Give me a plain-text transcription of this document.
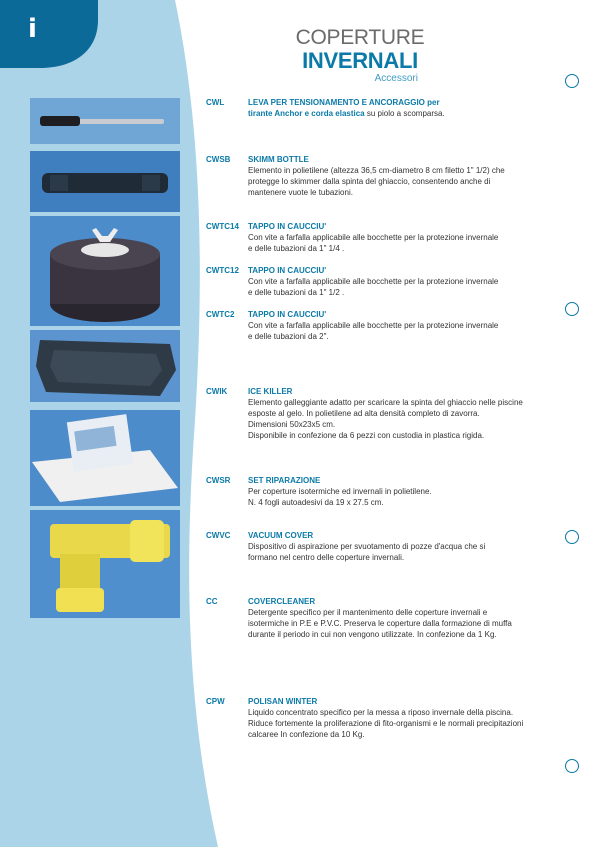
i	COPERTURE
INVERNALI
Accessori
CWL	LEVA PER TENSIONAMENTO E ANCORAGGIO per
tirante Anchor e corda elastica su piolo a scomparsa.
CWSB SKIMM BOTTLE

Elemento in polietilene (altezza 36,5 cm-diametro 8 cm filetto 1" 1/2) che

protegge lo skimmer dalla spinta del ghiaccio, consentendo anche di

mantenere vuote le tubazioni.

CWTC14 TAPPO IN CAUCCIU'

Con vite a farfalla applicabile alle bocchette per la protezione invernale

e delle tubazioni da 1" 1/4 .

CWTC12 TAPPO IN CAUCCIU'

Con vite a farfalla applicabile alle bocchette per la protezione invernale

e delle tubazioni da 1" 1/2 .

CWTC2 TAPPO IN CAUCCIU'

Con vite a farfalla applicabile alle bocchette per la protezione invernale

e delle tubazioni da 2".

CWIK	ICE KILLER

Elemento galleggiante adatto per scaricare la spinta del ghiaccio nelle piscine

esposte al gelo. In polietilene ad alta densità completo di zavorra.

Dimensioni 50x23x5 cm.

Disponibile in confezione da 6 pezzi con custodia in plastica rigida.

CWSR SET RIPARAZIONE

Per coperture isotermiche ed invernali in polietilene.

N. 4 fogli autoadesivi da 19 x 27.5 cm.

CWVC VACUUM COVER

Dispositivo di aspirazione per svuotamento di pozze d'acqua che si

formano nel centro delle coperture invernali.

CC	COVERCLEANER

Detergente specifico per il mantenimento delle coperture invernali e

isotermiche in P.E e P.V.C. Preserva le coperture dalla formazione di muffa

durante il periodo in cui non vengono utilizzate. In confezione da 1 Kg.

CPW	POLISAN WINTER

Liquido concentrato specifico per la messa a riposo invernale della piscina.

Riduce fortemente la proliferazione di fito-organismi e le normali precipitazioni

calcaree In confezione da 10 Kg.
